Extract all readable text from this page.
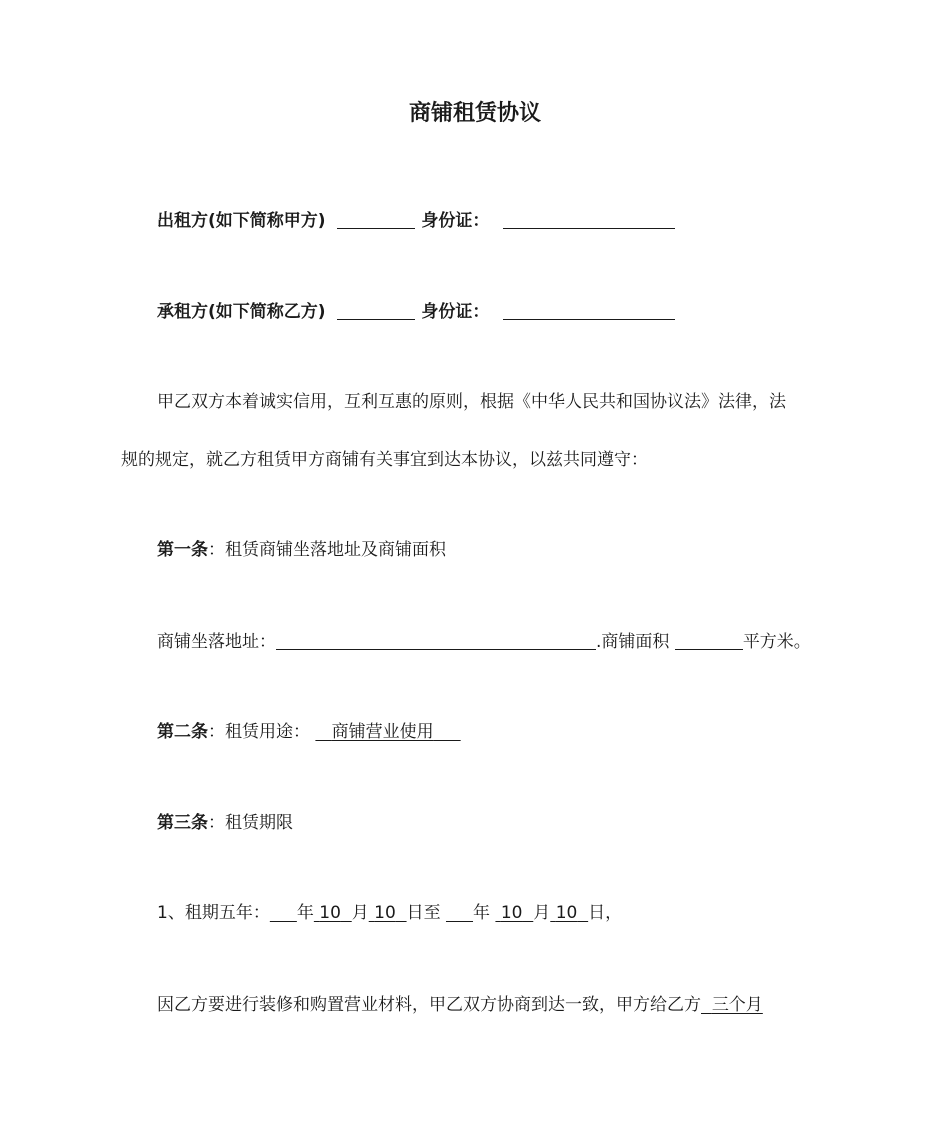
商铺租赁协议
出租方(如下简称甲方)	身份证：
承租方(如下简称乙方)	身份证：
甲乙双方本着诚实信用，互利互惠的原则，根据《中华人民共和国协议法》法律，法
规的规定，就乙方租赁甲方商铺有关事宜到达本协议，以兹共同遵守：
第一条：租赁商铺坐落地址及商铺面积
商铺坐落地址：	.商铺面积	平方米。
第二条：租赁用途： 商铺营业使用
第三条：租赁期限
1、租期五年： 年 10 月 10 日至 年 10 月 10 日，
因乙方要进行装修和购置营业材料，甲乙双方协商到达一致，甲方给乙方 三个月
